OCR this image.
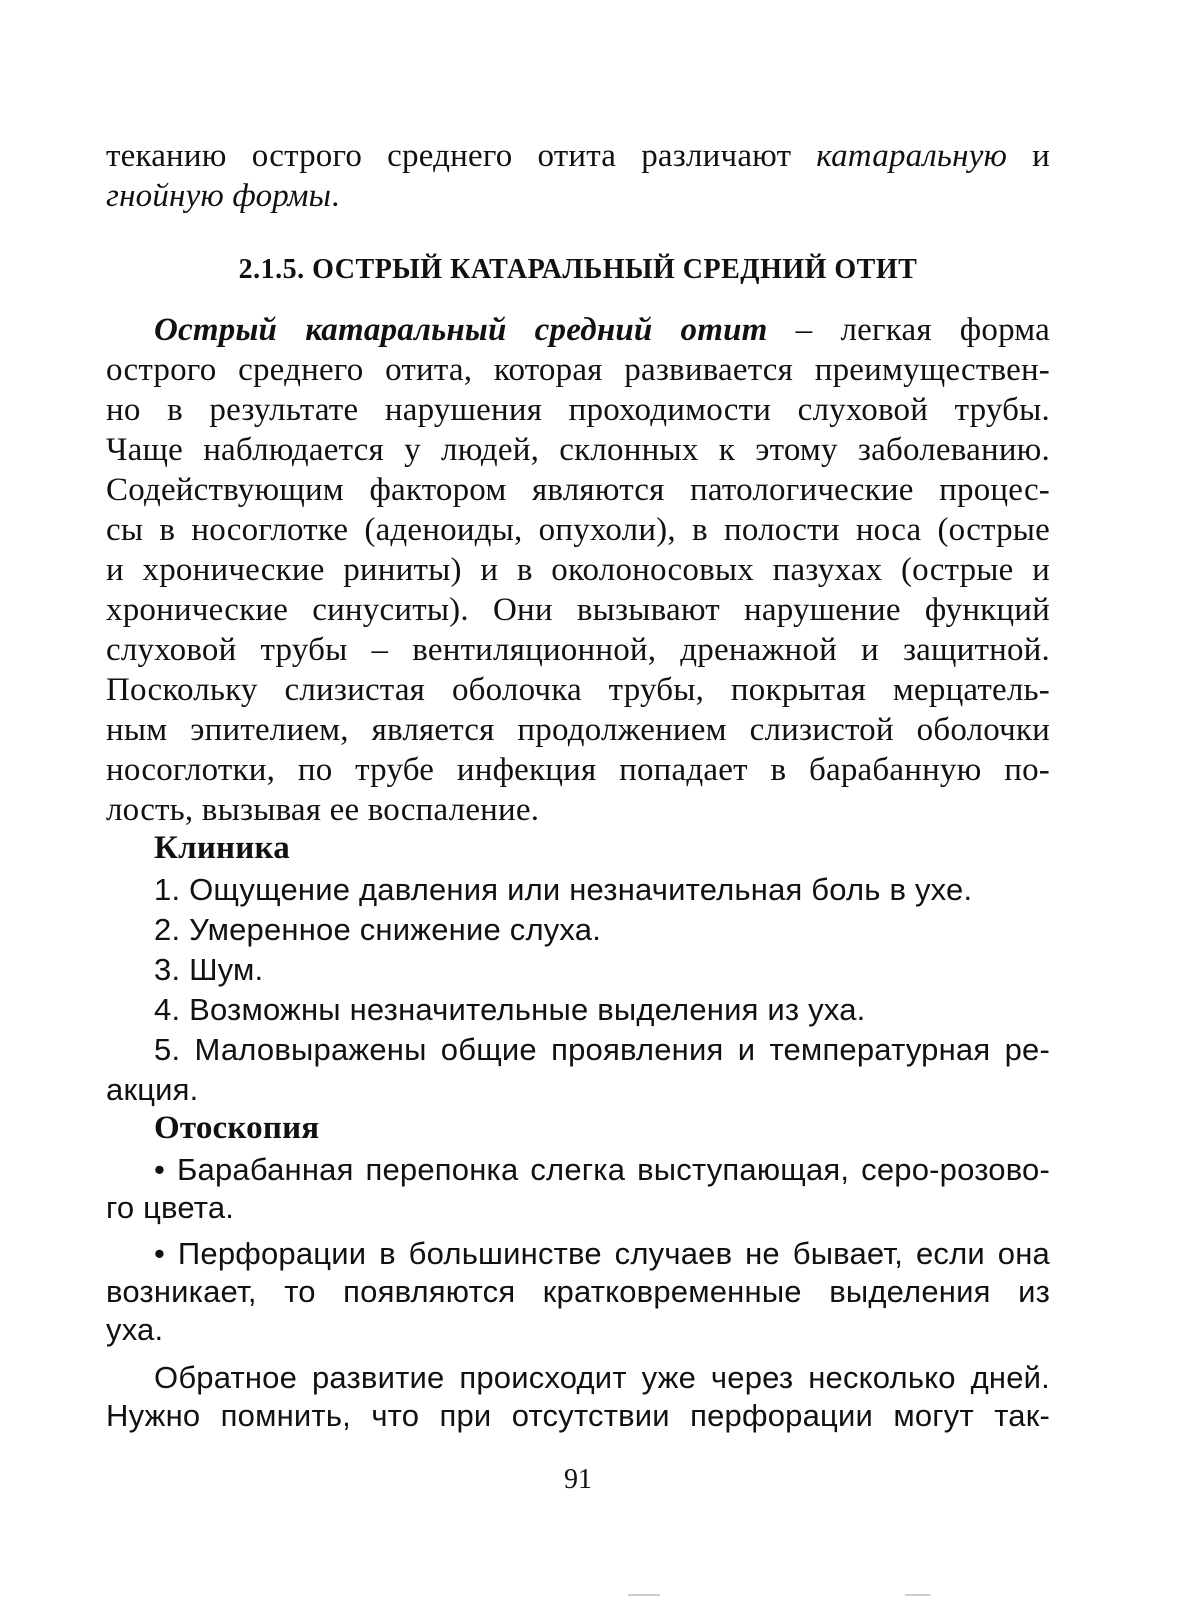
теканию острого среднего отита различают катаральную и
гнойную формы.
2.1.5. ОСТРЫЙ КАТАРАЛЬНЫЙ СРЕДНИЙ ОТИТ
Острый катаральный средний отит – легкая форма
острого среднего отита, которая развивается преимуществен-
но в результате нарушения проходимости слуховой трубы.
Чаще наблюдается у людей, склонных к этому заболеванию.
Содействующим фактором являются патологические процес-
сы в носоглотке (аденоиды, опухоли), в полости носа (острые
и хронические риниты) и в околоносовых пазухах (острые и
хронические синуситы). Они вызывают нарушение функций
слуховой трубы – вентиляционной, дренажной и защитной.
Поскольку слизистая оболочка трубы, покрытая мерцатель-
ным эпителием, является продолжением слизистой оболочки
носоглотки, по трубе инфекция попадает в барабанную по-
лость, вызывая ее воспаление.
Клиника
1. Ощущение давления или незначительная боль в ухе.
2. Умеренное снижение слуха.
3. Шум.
4. Возможны незначительные выделения из уха.
5. Маловыражены общие проявления и температурная ре-
акция.
Отоскопия
• Барабанная перепонка слегка выступающая, серо-розово-
го цвета.
• Перфорации в большинстве случаев не бывает, если она
возникает, то появляются кратковременные выделения из
уха.
Обратное развитие происходит уже через несколько дней.
Нужно помнить, что при отсутствии перфорации могут так-
91
